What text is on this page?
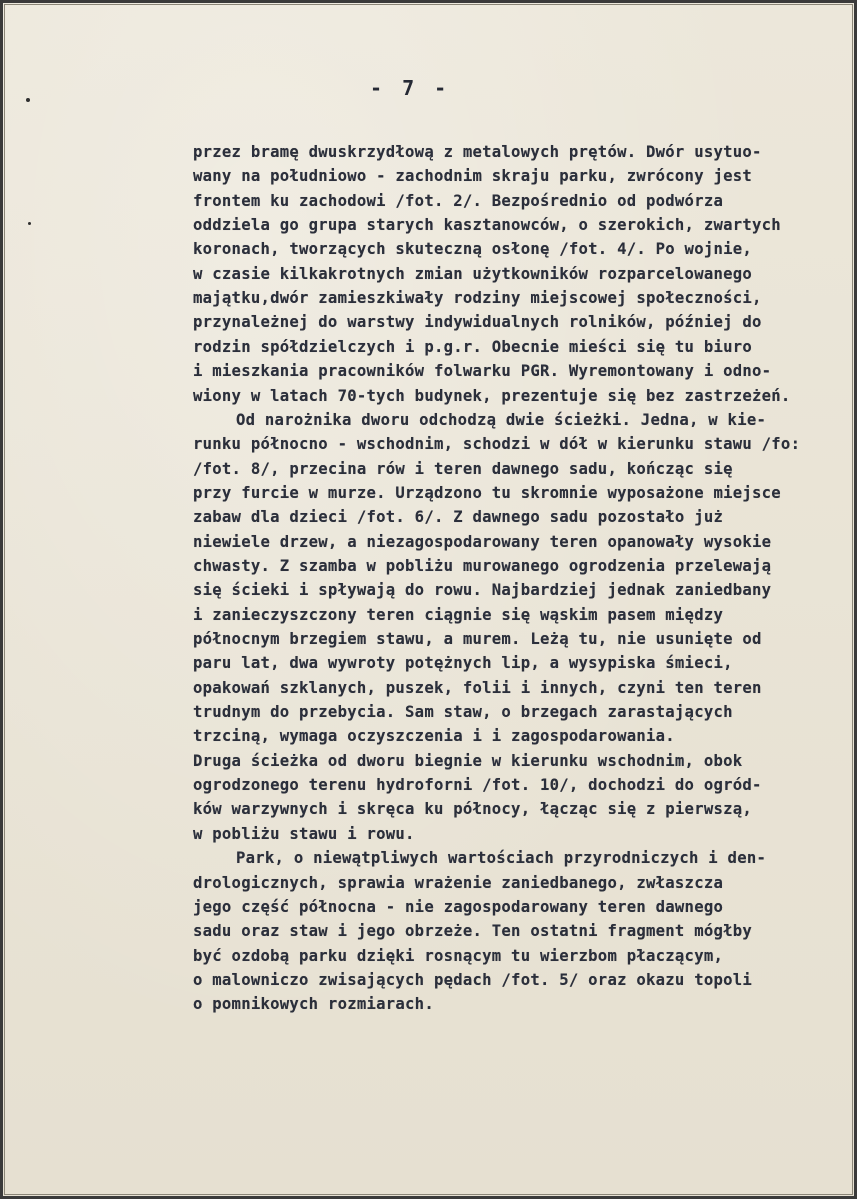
- 7 -
przez bramę dwuskrzydłową z metalowych prętów. Dwór usytuo-
wany na południowo - zachodnim skraju parku, zwrócony jest
frontem ku zachodowi /fot. 2/. Bezpośrednio od podwórza
oddziela go grupa starych kasztanowców, o szerokich, zwartych
koronach, tworzących skuteczną osłonę /fot. 4/. Po wojnie,
w czasie kilkakrotnych zmian użytkowników rozparcelowanego
majątku,dwór zamieszkiwały rodziny miejscowej społeczności,
przynależnej do warstwy indywidualnych rolników, później do
rodzin spółdzielczych i p.g.r. Obecnie mieści się tu biuro
i mieszkania pracowników folwarku PGR. Wyremontowany i odno-
wiony w latach 70-tych budynek, prezentuje się bez zastrzeżeń.
Od narożnika dworu odchodzą dwie ścieżki. Jedna, w kie-
runku północno - wschodnim, schodzi w dół w kierunku stawu /fo:
/fot. 8/, przecina rów i teren dawnego sadu, kończąc się
przy furcie w murze. Urządzono tu skromnie wyposażone miejsce
zabaw dla dzieci /fot. 6/. Z dawnego sadu pozostało już
niewiele drzew, a niezagospodarowany teren opanowały wysokie
chwasty. Z szamba w pobliżu murowanego ogrodzenia przelewają
się ścieki i spływają do rowu. Najbardziej jednak zaniedbany
i zanieczyszczony teren ciągnie się wąskim pasem między
północnym brzegiem stawu, a murem. Leżą tu, nie usunięte od
paru lat, dwa wywroty potężnych lip, a wysypiska śmieci,
opakowań szklanych, puszek, folii i innych, czyni ten teren
trudnym do przebycia. Sam staw, o brzegach zarastających
trzciną, wymaga oczyszczenia i i zagospodarowania.
Druga ścieżka od dworu biegnie w kierunku wschodnim, obok
ogrodzonego terenu hydroforni /fot. 10/, dochodzi do ogród-
ków warzywnych i skręca ku północy, łącząc się z pierwszą,
w pobliżu stawu i rowu.
Park, o niewątpliwych wartościach przyrodniczych i den-
drologicznych, sprawia wrażenie zaniedbanego, zwłaszcza
jego część północna - nie zagospodarowany teren dawnego
sadu oraz staw i jego obrzeże. Ten ostatni fragment mógłby
być ozdobą parku dzięki rosnącym tu wierzbom płaczącym,
o malowniczo zwisających pędach /fot. 5/ oraz okazu topoli
o pomnikowych rozmiarach.
